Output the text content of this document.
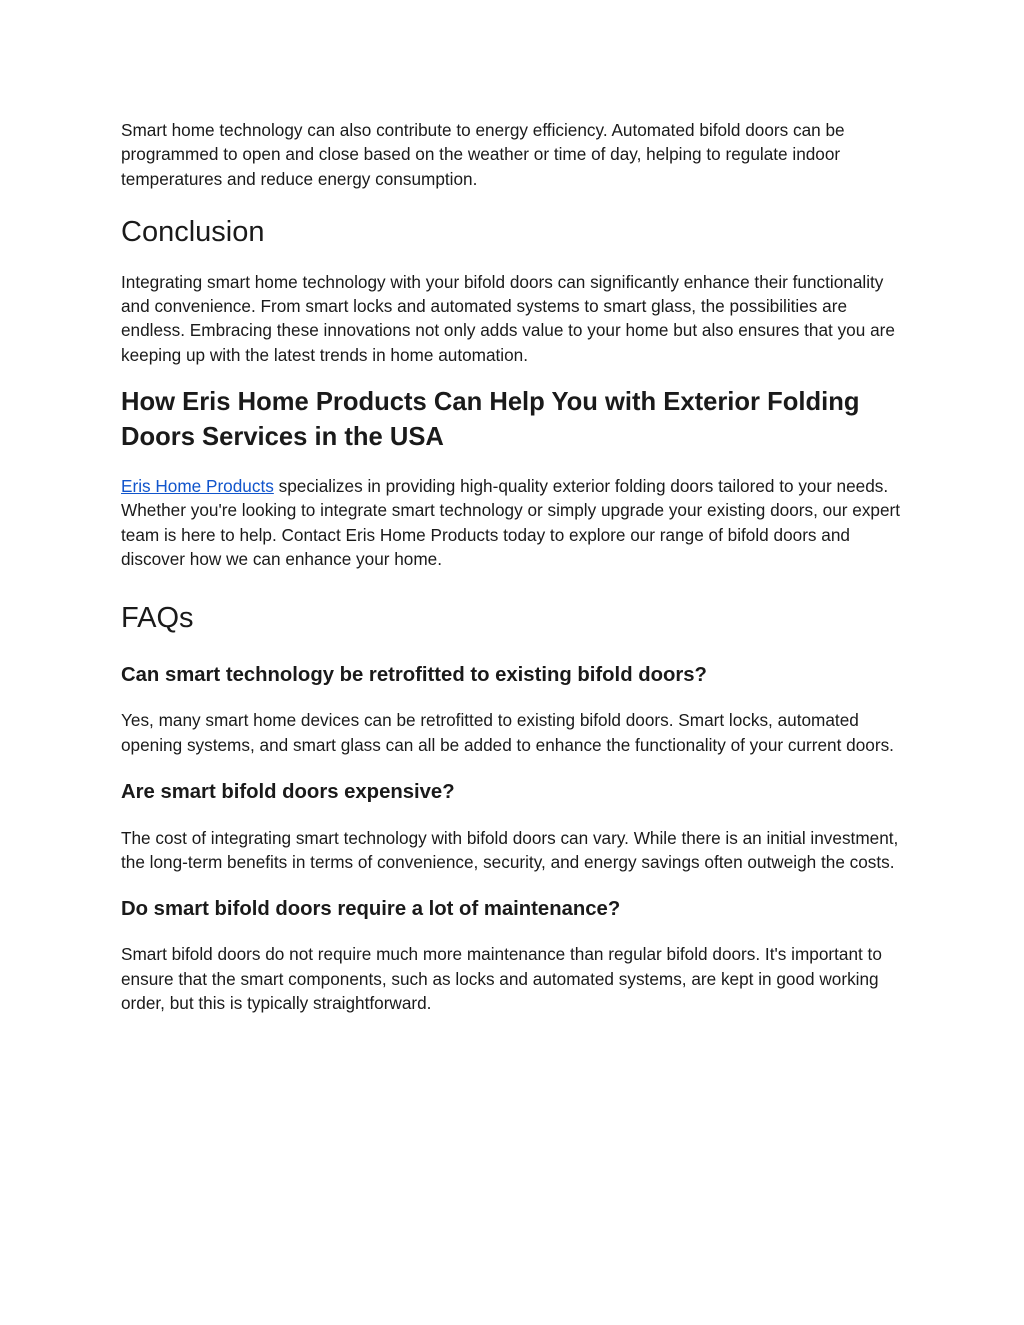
Smart home technology can also contribute to energy efficiency. Automated bifold doors can be programmed to open and close based on the weather or time of day, helping to regulate indoor temperatures and reduce energy consumption.

Conclusion

Integrating smart home technology with your bifold doors can significantly enhance their functionality and convenience. From smart locks and automated systems to smart glass, the possibilities are endless. Embracing these innovations not only adds value to your home but also ensures that you are keeping up with the latest trends in home automation.

How Eris Home Products Can Help You with Exterior Folding Doors Services in the USA

Eris Home Products specializes in providing high-quality exterior folding doors tailored to your needs. Whether you're looking to integrate smart technology or simply upgrade your existing doors, our expert team is here to help. Contact Eris Home Products today to explore our range of bifold doors and discover how we can enhance your home.

FAQs
Can smart technology be retrofitted to existing bifold doors?

Yes, many smart home devices can be retrofitted to existing bifold doors. Smart locks, automated opening systems, and smart glass can all be added to enhance the functionality of your current doors.

Are smart bifold doors expensive?

The cost of integrating smart technology with bifold doors can vary. While there is an initial investment, the long-term benefits in terms of convenience, security, and energy savings often outweigh the costs.

Do smart bifold doors require a lot of maintenance?

Smart bifold doors do not require much more maintenance than regular bifold doors. It's important to ensure that the smart components, such as locks and automated systems, are kept in good working order, but this is typically straightforward.
